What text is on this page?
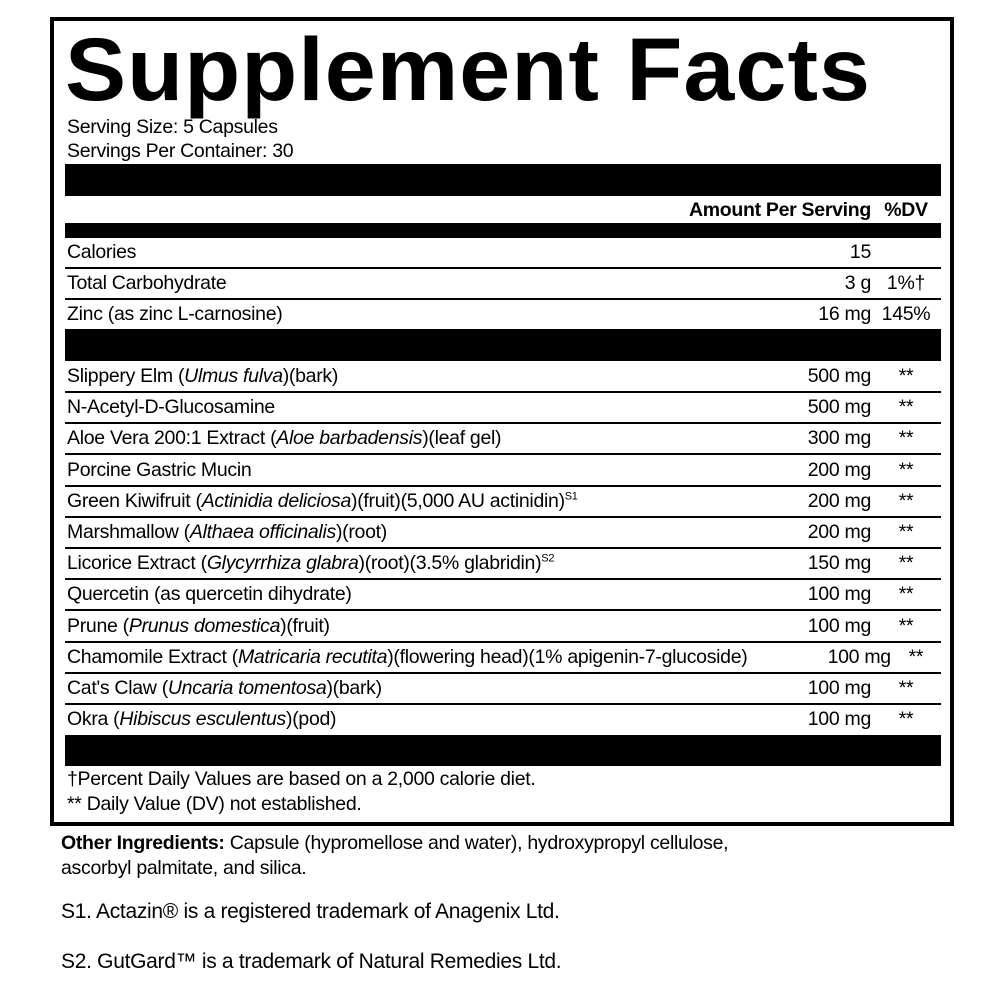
Supplement Facts
Serving Size: 5 Capsules
Servings Per Container: 30
Amount Per Serving %DV
Calories	15
Total Carbohydrate	3 g 1%†
Zinc (as zinc L-carnosine)	16 mg 145%
Slippery Elm (Ulmus fulva)(bark)	500 mg	**
N-Acetyl-D-Glucosamine	500 mg	**
Aloe Vera 200:1 Extract (Aloe barbadensis)(leaf gel)	300 mg	**
Porcine Gastric Mucin	200 mg	**
Green Kiwifruit (Actinidia deliciosa)(fruit)(5,000 AU actinidin)$^{S1}$	200 mg	**
Marshmallow (Althaea officinalis)(root)	200 mg	**
Licorice Extract (Glycyrrhiza glabra)(root)(3.5% glabridin)$^{S2}$	150 mg	**
Quercetin (as quercetin dihydrate)	100 mg	**
Prune (Prunus domestica)(fruit)	100 mg	**
Chamomile Extract (Matricaria recutita)(flowering head)(1% apigenin-7-glucoside)	100 mg **
Cat's Claw (Uncaria tomentosa)(bark)	100 mg	**
Okra (Hibiscus esculentus)(pod)	100 mg	**
†Percent Daily Values are based on a 2,000 calorie diet.
** Daily Value (DV) not established.
Other Ingredients: Capsule (hypromellose and water), hydroxypropyl cellulose,
ascorbyl palmitate, and silica.
S1. Actazin® is a registered trademark of Anagenix Ltd.
S2. GutGard™ is a trademark of Natural Remedies Ltd.
